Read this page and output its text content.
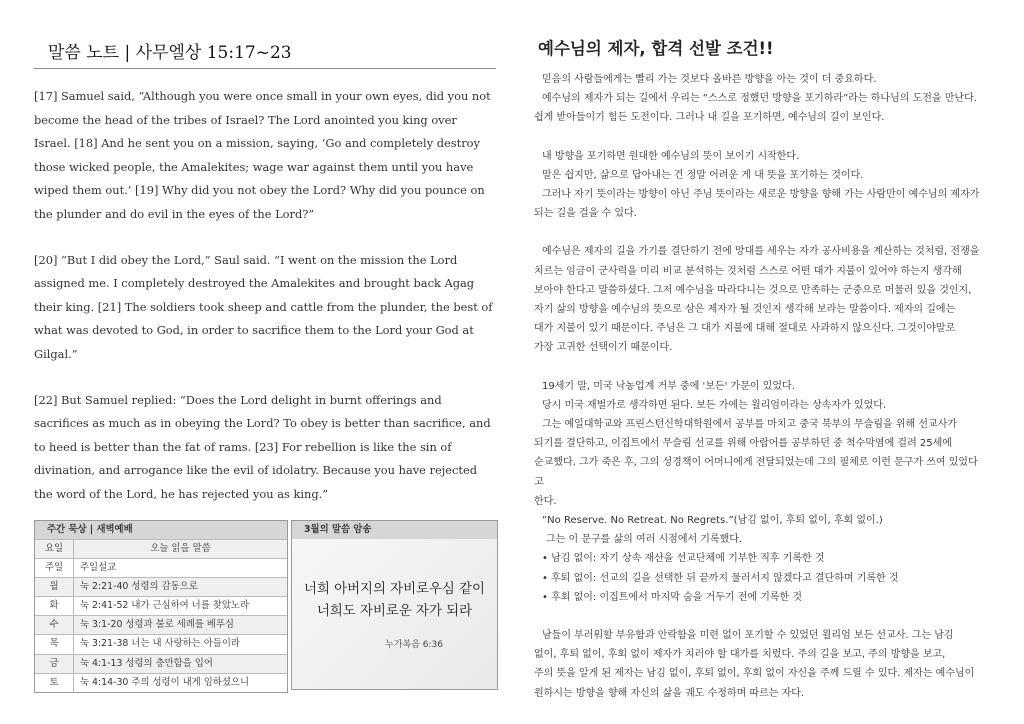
말씀 노트 | 사무엘상 15:17~23

[17] Samuel said, “Although you were once small in your own eyes, did you not become the head of the tribes of Israel? The Lord anointed you king over Israel. [18] And he sent you on a mission, saying, ‘Go and completely destroy those wicked people, the Amalekites; wage war against them until you have wiped them out.’ [19] Why did you not obey the Lord? Why did you pounce on the plunder and do evil in the eyes of the Lord?”

[20] “But I did obey the Lord,” Saul said. “I went on the mission the Lord assigned me. I completely destroyed the Amalekites and brought back Agag their king. [21] The soldiers took sheep and cattle from the plunder, the best of what was devoted to God, in order to sacrifice them to the Lord your God at Gilgal.”

[22] But Samuel replied: “Does the Lord delight in burnt offerings and sacrifices as much as in obeying the Lord? To obey is better than sacrifice, and to heed is better than the fat of rams. [23] For rebellion is like the sin of divination, and arrogance like the evil of idolatry. Because you have rejected the word of the Lord, he has rejected you as king.”

주간 묵상 | 새벽예배
요일	오늘 읽을 말씀
주일	주일설교
월	눅 2:21-40 성령의 감동으로
화	눅 2:41-52 내가 근심하여 너를 찾았노라
수	눅 3:1-20 성령과 불로 세례를 베푸심
목	눅 3:21-38 너는 내 사랑하는 아들이라
금	눅 4:1-13 성령의 충만함을 입어
토	눅 4:14-30 주의 성령이 내게 임하셨으니
3월의 말씀 암송
너희 아버지의 자비로우심 같이
너희도 자비로운 자가 되라
누가복음 6:36
예수님의 제자, 합격 선발 조건!!

믿음의 사람들에게는 빨리 가는 것보다 올바른 방향을 아는 것이 더 중요하다.
예수님의 제자가 되는 길에서 우리는 “스스로 정했던 방향을 포기하라”라는 하나님의 도전을 만난다.
쉽게 받아들이기 힘든 도전이다. 그러나 내 길을 포기하면, 예수님의 길이 보인다.

내 방향을 포기하면 원대한 예수님의 뜻이 보이기 시작한다.
말은 쉽지만, 삶으로 답아내는 건 정말 어려운 게 내 뜻을 포기하는 것이다.
그러나 자기 뜻이라는 방향이 아닌 주님 뜻이라는 새로운 방향을 향해 가는 사람만이 예수님의 제자가
되는 길을 걸을 수 있다.

예수님은 제자의 길을 가기를 결단하기 전에 망대를 세우는 자가 공사비용을 계산하는 것처럼, 전쟁을
치르는 임금이 군사력을 미리 비교 분석하는 것처럼 스스로 어떤 대가 지불이 있어야 하는지 생각해
보아야 한다고 말씀하셨다. 그저 예수님을 따라다니는 것으로 만족하는 군중으로 머물러 있을 것인지,
자기 삶의 방향을 예수님의 뜻으로 삼은 제자가 될 것인지 생각해 보라는 말씀이다. 제자의 길에는
대가 지불이 있기 때문이다. 주님은 그 대가 지불에 대해 절대로 사과하지 않으신다. 그것이야말로
가장 고귀한 선택이기 때문이다.

19세기 말, 미국 낙농업계 거부 중에 '보든' 가문이 있었다.
당시 미국 재벌가로 생각하면 된다. 보든 가에는 윌리엄이라는 상속자가 있었다.
그는 예일대학교와 프린스턴신학대학원에서 공부를 마치고 중국 북부의 무슬림을 위해 선교사가
되기를 결단하고, 이집트에서 무슬림 선교를 위해 아랍어를 공부하던 중 척수막염에 걸려 25세에
순교했다. 그가 죽은 후, 그의 성경책이 어머니에게 전달되었는데 그의 필체로 이런 문구가 쓰여 있었다고
한다.
“No Reserve. No Retreat. No Regrets.”(남김 없이, 후퇴 없이, 후회 없이.)
그는 이 문구를 삶의 여러 시점에서 기록했다.
• 남김 없이: 자기 상속 재산을 선교단체에 기부한 직후 기록한 것
• 후퇴 없이: 선교의 길을 선택한 뒤 끝까지 물러서지 않겠다고 결단하며 기록한 것
• 후회 없이: 이집트에서 마지막 숨을 거두기 전에 기록한 것

남들이 부러워할 부유함과 안락함을 미련 없이 포기할 수 있었던 윌리엄 보든 선교사. 그는 남김
없이, 후퇴 없이, 후회 없이 제자가 치러야 할 대가를 치렀다. 주의 길을 보고, 주의 방향을 보고,
주의 뜻을 알게 된 제자는 남김 없이, 후퇴 없이, 후회 없이 자신을 주께 드릴 수 있다. 제자는 예수님이
원하시는 방향을 향해 자신의 삶을 궤도 수정하며 따르는 자다.
